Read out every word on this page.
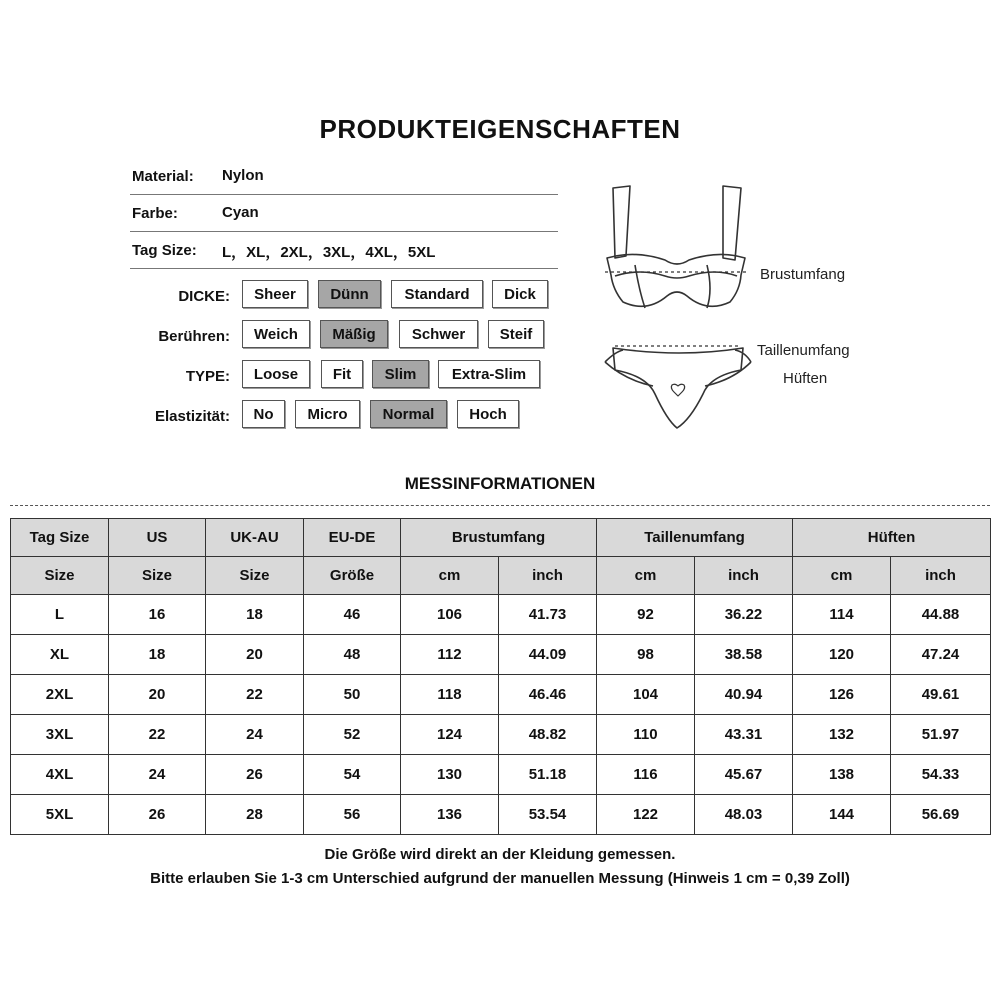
PRODUKTEIGENSCHAFTEN
Material: Nylon
Farbe:	Cyan
Tag Size: L，XL，2XL，3XL，4XL，5XL
DICKE:	Sheer	Dünn	Standard	Dick
Berühren:	Weich	Mäßig	Schwer	Steif
TYPE:	Loose	Fit	Slim	Extra-Slim
Elastizität:	No	Micro	Normal	Hoch
Brustumfang
Taillenumfang
Hüften
MESSINFORMATIONEN
Tag Size	US	UK-AU	EU-DE	Brustumfang		Taillenumfang		Hüften	
Size	Size	Size	Größe	cm	inch	cm	inch	cm	inch
L	16	18	46	106	41.73	92	36.22	114	44.88
XL	18	20	48	112	44.09	98	38.58	120	47.24
2XL	20	22	50	118	46.46	104	40.94	126	49.61
3XL	22	24	52	124	48.82	110	43.31	132	51.97
4XL	24	26	54	130	51.18	116	45.67	138	54.33
5XL	26	28	56	136	53.54	122	48.03	144	56.69
Die Größe wird direkt an der Kleidung gemessen.
Bitte erlauben Sie 1-3 cm Unterschied aufgrund der manuellen Messung (Hinweis 1 cm = 0,39 Zoll)
